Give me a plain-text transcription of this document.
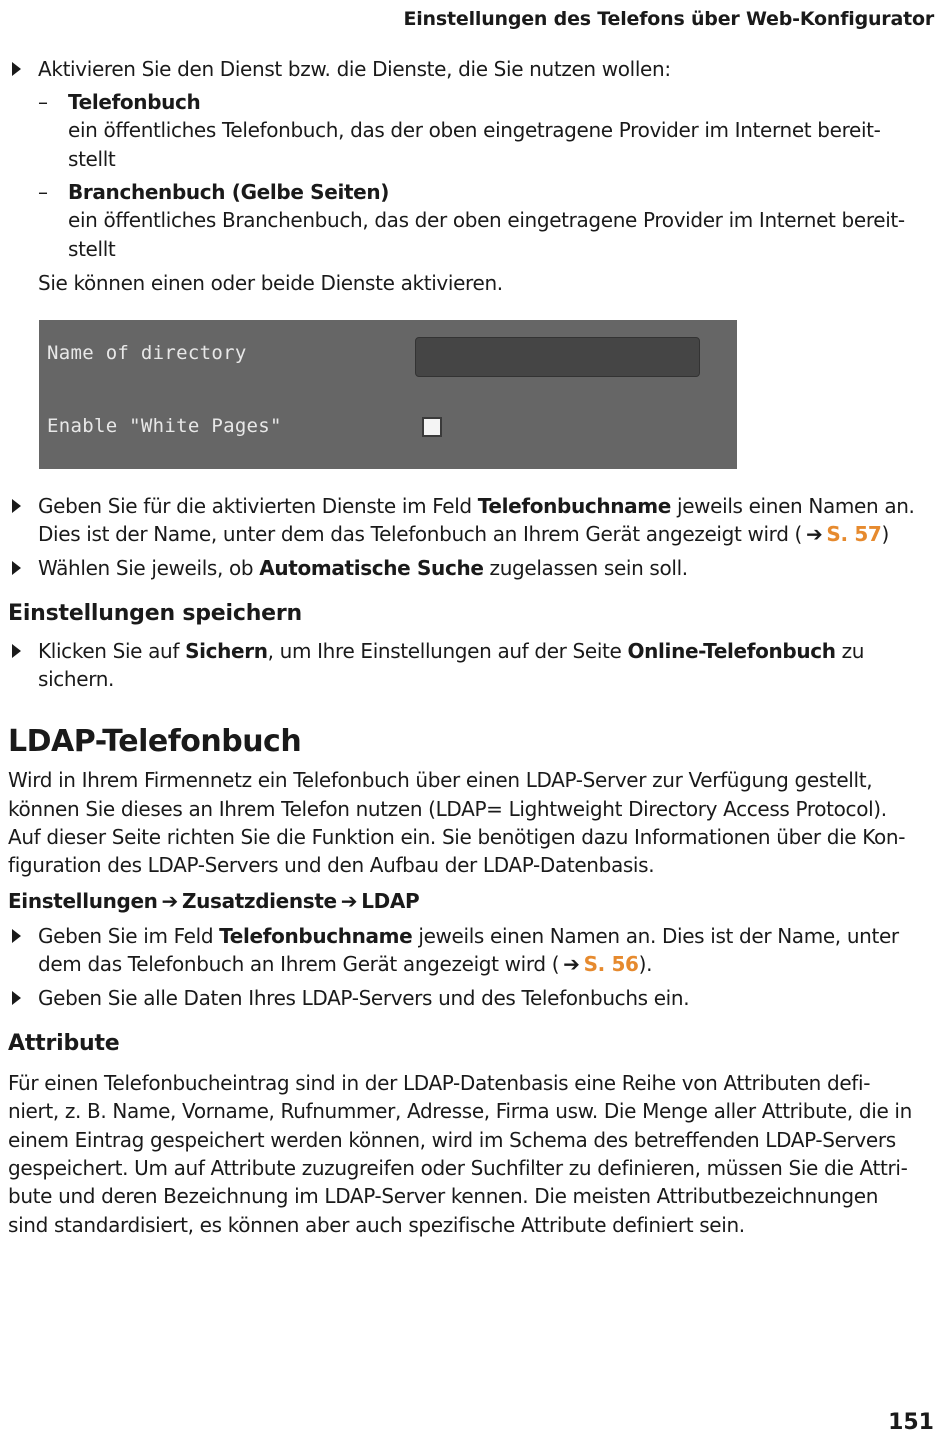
Einstellungen des Telefons über Web-Konfigurator
Aktivieren Sie den Dienst bzw. die Dienste, die Sie nutzen wollen:
– Telefonbuch
ein öffentliches Telefonbuch, das der oben eingetragene Provider im Internet bereit-
stellt
– Branchenbuch (Gelbe Seiten)
ein öffentliches Branchenbuch, das der oben eingetragene Provider im Internet bereit-
stellt
Sie können einen oder beide Dienste aktivieren.
Name of directory
Enable "White Pages"
Geben Sie für die aktivierten Dienste im Feld Telefonbuchname jeweils einen Namen an.
Dies ist der Name, unter dem das Telefonbuch an Ihrem Gerät angezeigt wird ( ➔ S. 57)
Wählen Sie jeweils, ob Automatische Suche zugelassen sein soll.
Einstellungen speichern
Klicken Sie auf Sichern, um Ihre Einstellungen auf der Seite Online-Telefonbuch zu
sichern.
LDAP-Telefonbuch
Wird in Ihrem Firmennetz ein Telefonbuch über einen LDAP-Server zur Verfügung gestellt,
können Sie dieses an Ihrem Telefon nutzen (LDAP= Lightweight Directory Access Protocol).
Auf dieser Seite richten Sie die Funktion ein. Sie benötigen dazu Informationen über die Kon-
figuration des LDAP-Servers und den Aufbau der LDAP-Datenbasis.
Einstellungen ➔ Zusatzdienste ➔ LDAP
Geben Sie im Feld Telefonbuchname jeweils einen Namen an. Dies ist der Name, unter
dem das Telefonbuch an Ihrem Gerät angezeigt wird ( ➔ S. 56).
Geben Sie alle Daten Ihres LDAP-Servers und des Telefonbuchs ein.
Attribute
Für einen Telefonbucheintrag sind in der LDAP-Datenbasis eine Reihe von Attributen defi-
niert, z. B. Name, Vorname, Rufnummer, Adresse, Firma usw. Die Menge aller Attribute, die in
einem Eintrag gespeichert werden können, wird im Schema des betreffenden LDAP-Servers
gespeichert. Um auf Attribute zuzugreifen oder Suchfilter zu definieren, müssen Sie die Attri-
bute und deren Bezeichnung im LDAP-Server kennen. Die meisten Attributbezeichnungen
sind standardisiert, es können aber auch spezifische Attribute definiert sein.
151
